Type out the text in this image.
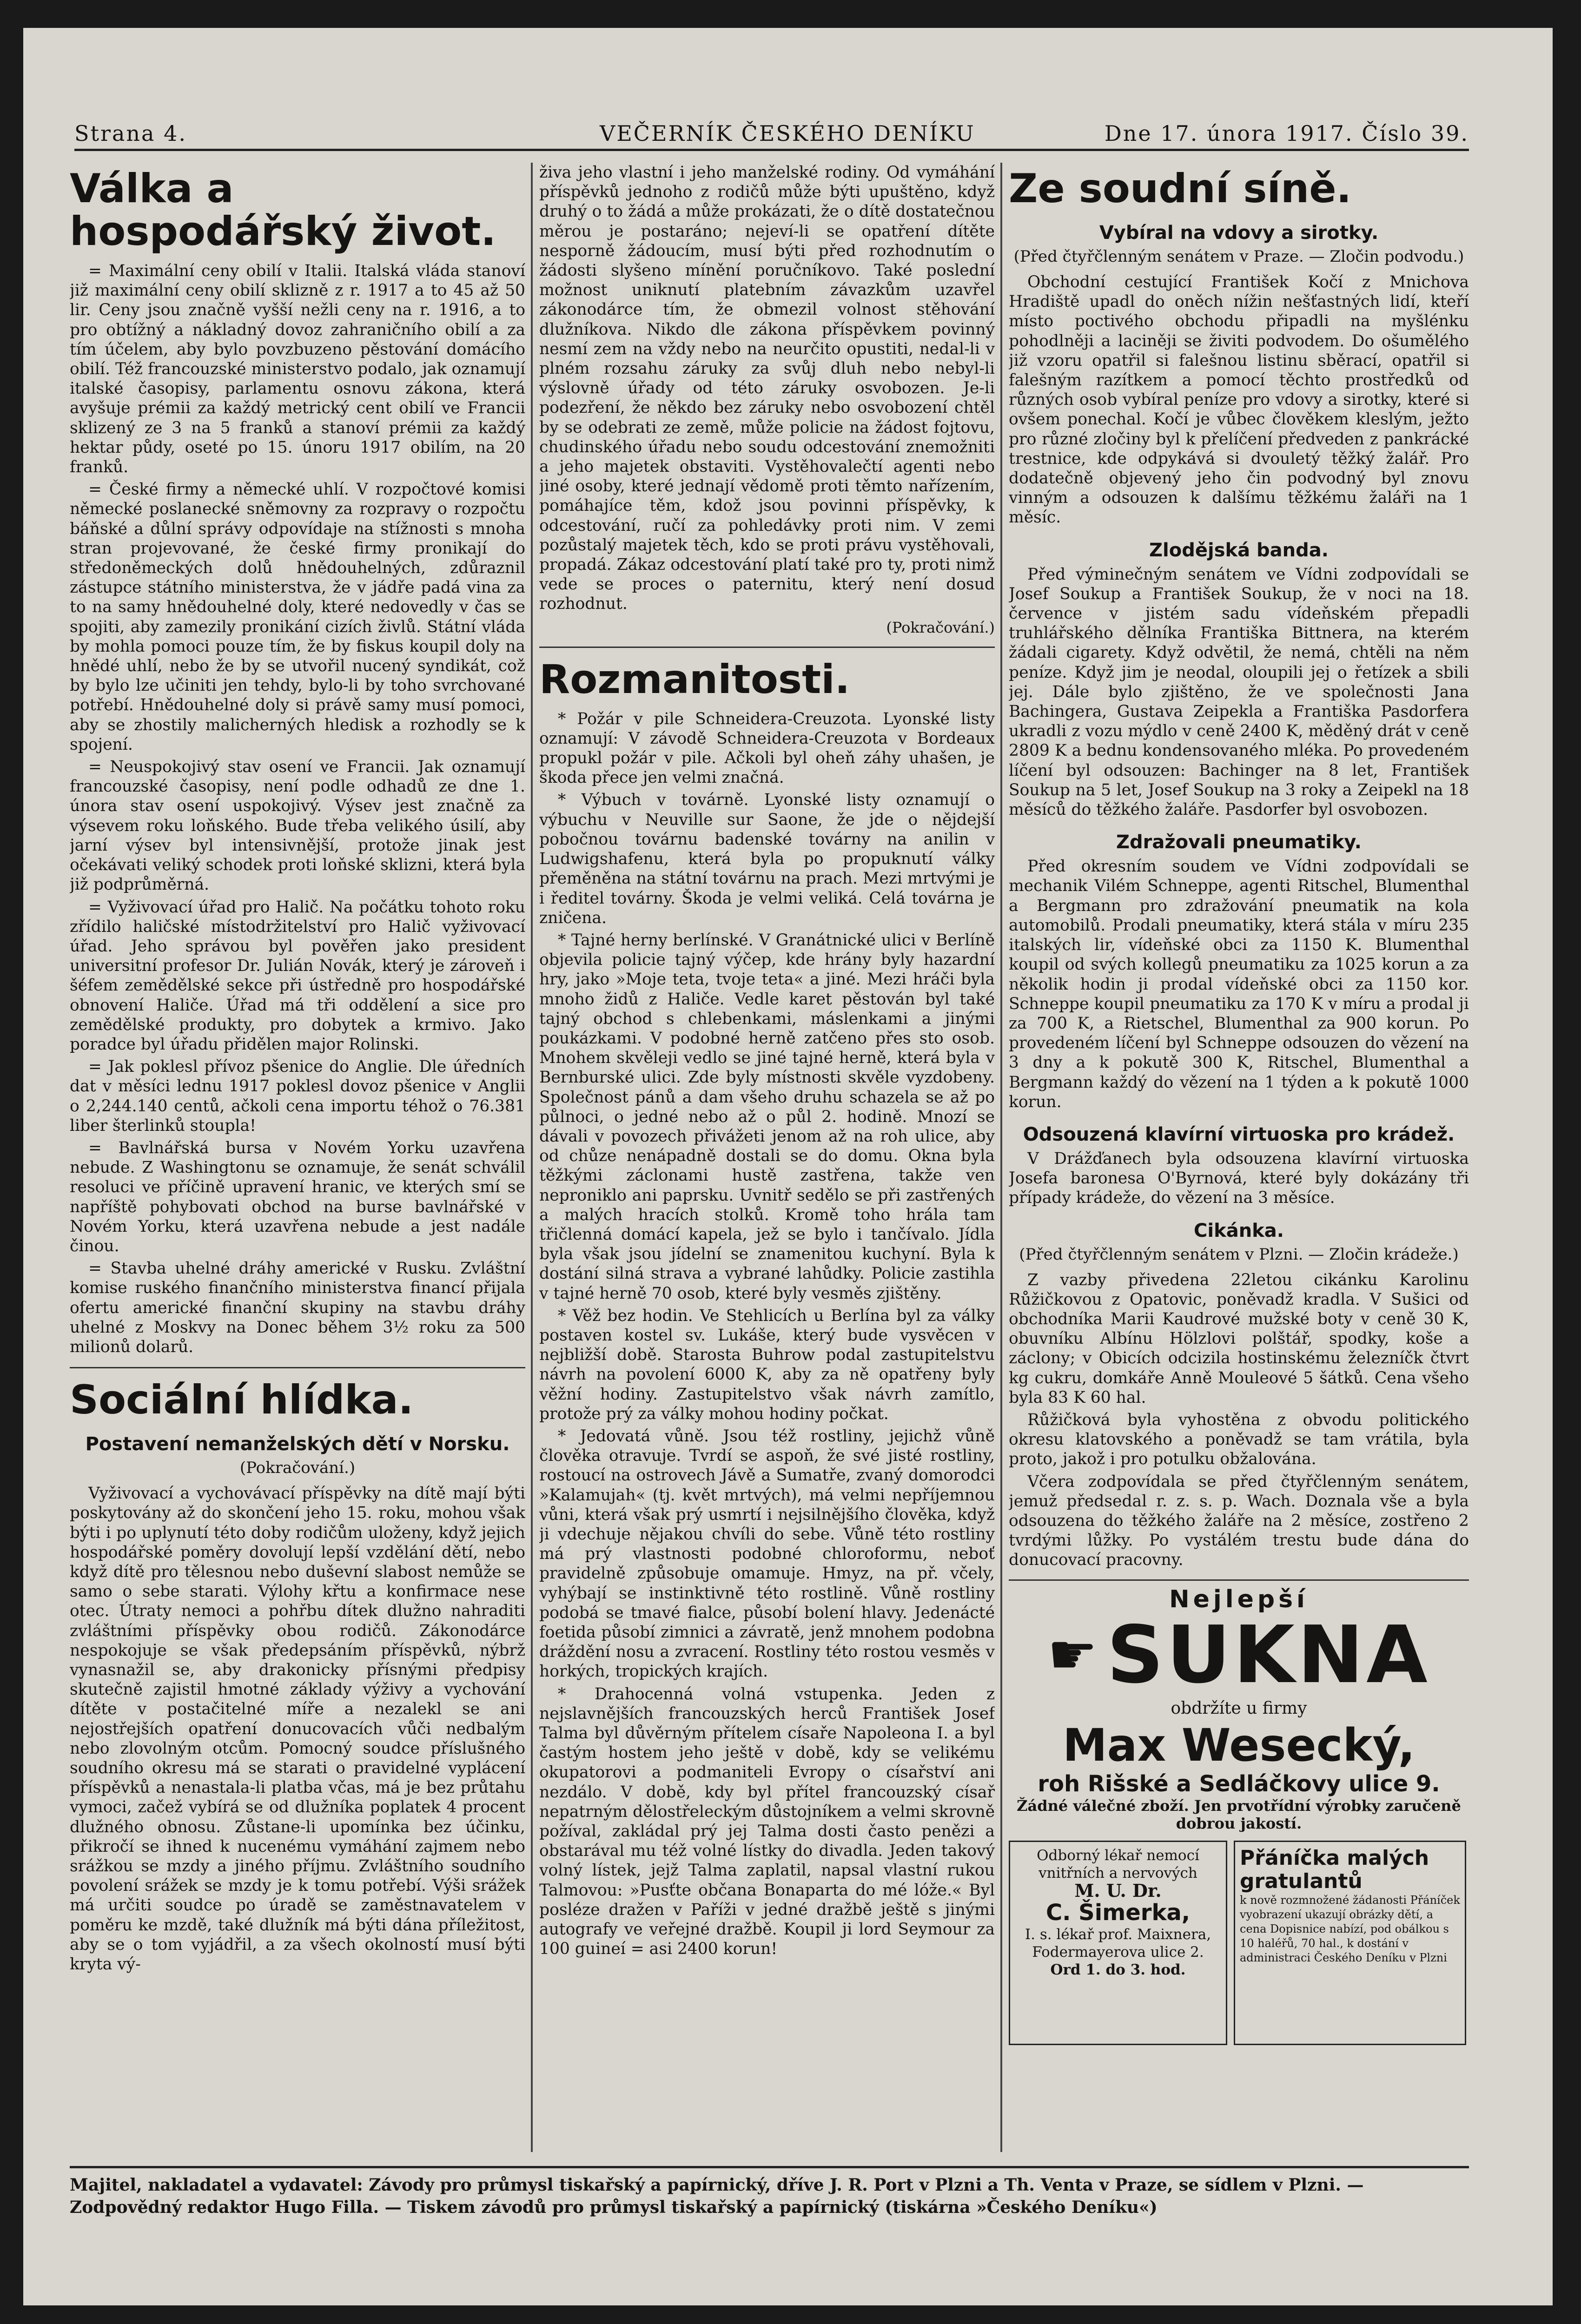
Strana 4.	VEČERNÍK ČESKÉHO DENÍKU	Dne 17. února 1917. Číslo 39.
Válka a hospodářský život.

= Maximální ceny obilí v Italii. Italská vláda stanoví již maximální ceny obilí sklizně z r. 1917 a to 45 až 50 lir. Ceny jsou značně vyšší nežli ceny na r. 1916, a to pro obtížný a nákladný dovoz zahraničního obilí a za tím účelem, aby bylo povzbuzeno pěstování domácího obilí. Též francouzské ministerstvo podalo, jak oznamují italské časopisy, parlamentu osnovu zákona, která avyšuje prémii za každý metrický cent obilí ve Francii sklizený ze 3 na 5 franků a stanoví prémii za každý hektar půdy, oseté po 15. únoru 1917 obilím, na 20 franků.

= České firmy a německé uhlí. V rozpočtové komisi německé poslanecké sněmovny za rozpravy o rozpočtu báňské a důlní správy odpovídaje na stížnosti s mnoha stran projevované, že české firmy pronikají do středoněmeckých dolů hnědouhelných, zdůraznil zástupce státního ministerstva, že v jádře padá vina za to na samy hnědouhelné doly, které nedovedly v čas se spojiti, aby zamezily pronikání cizích živlů. Státní vláda by mohla pomoci pouze tím, že by fiskus koupil doly na hnědé uhlí, nebo že by se utvořil nucený syndikát, což by bylo lze učiniti jen tehdy, bylo-li by toho svrchované potřebí. Hnědouhelné doly si právě samy musí pomoci, aby se zhostily malicherných hledisk a rozhodly se k spojení.

= Neuspokojivý stav osení ve Francii. Jak oznamují francouzské časopisy, není podle odhadů ze dne 1. února stav osení uspokojivý. Výsev jest značně za výsevem roku loňského. Bude třeba velikého úsilí, aby jarní výsev byl intensivnější, protože jinak jest očekávati veliký schodek proti loňské sklizni, která byla již podprůměrná.

= Vyživovací úřad pro Halič. Na počátku tohoto roku zřídilo haličské místodržitelství pro Halič vyživovací úřad. Jeho správou byl pověřen jako president universitní profesor Dr. Julián Novák, který je zároveň i šéfem zemědělské sekce při ústředně pro hospodářské obnovení Haliče. Úřad má tři oddělení a sice pro zemědělské produkty, pro dobytek a krmivo. Jako poradce byl úřadu přidělen major Rolinski.

= Jak poklesl přívoz pšenice do Anglie. Dle úředních dat v měsíci lednu 1917 poklesl dovoz pšenice v Anglii o 2,244.140 centů, ačkoli cena importu téhož o 76.381 liber šterlinků stoupla!

= Bavlnářská bursa v Novém Yorku uzavřena nebude. Z Washingtonu se oznamuje, že senát schválil resoluci ve příčině upravení hranic, ve kterých smí se napříště pohybovati obchod na burse bavlnářské v Novém Yorku, která uzavřena nebude a jest nadále činou.

= Stavba uhelné dráhy americké v Rusku. Zvláštní komise ruského finančního ministerstva financí přijala ofertu americké finanční skupiny na stavbu dráhy uhelné z Moskvy na Donec během 3½ roku za 500 milionů dolarů.

Sociální hlídka.
Postavení nemanželských dětí v Norsku.
(Pokračování.)

Vyživovací a vychovávací příspěvky na dítě mají býti poskytovány až do skončení jeho 15. roku, mohou však býti i po uplynutí této doby rodičům uloženy, když jejich hospodářské poměry dovolují lepší vzdělání dětí, nebo když dítě pro tělesnou nebo duševní slabost nemůže se samo o sebe starati. Výlohy křtu a konfirmace nese otec. Útraty nemoci a pohřbu dítek dlužno nahraditi zvláštními příspěvky obou rodičů. Zákonodárce nespokojuje se však předepsáním příspěvků, nýbrž vynasnažil se, aby drakonicky přísnými předpisy skutečně zajistil hmotné základy výživy a vychování dítěte v postačitelné míře a nezalekl se ani nejostřejších opatření donucovacích vůči nedbalým nebo zlovolným otcům. Pomocný soudce příslušného soudního okresu má se starati o pravidelné vyplácení příspěvků a nenastala-li platba včas, má je bez průtahu vymoci, začež vybírá se od dlužníka poplatek 4 procent dlužného obnosu. Zůstane-li upomínka bez účinku, přikročí se ihned k nucenému vymáhání zajmem nebo srážkou se mzdy a jiného příjmu. Zvláštního soudního povolení srážek se mzdy je k tomu potřebí. Výši srážek má určiti soudce po úradě se zaměstnavatelem v poměru ke mzdě, také dlužník má býti dána příležitost, aby se o tom vyjádřil, a za všech okolností musí býti kryta vý-

živa jeho vlastní i jeho manželské rodiny. Od vymáhání příspěvků jednoho z rodičů může býti upuštěno, když druhý o to žádá a může prokázati, že o dítě dostatečnou měrou je postaráno; nejeví-li se opatření dítěte nesporně žádoucím, musí býti před rozhodnutím o žádosti slyšeno mínění poručníkovo. Také poslední možnost uniknutí platebním závazkům uzavřel zákonodárce tím, že obmezil volnost stěhování dlužníkova. Nikdo dle zákona příspěvkem povinný nesmí zem na vždy nebo na neurčito opustiti, nedal-li v plném rozsahu záruky za svůj dluh nebo nebyl-li výslovně úřady od této záruky osvobozen. Je-li podezření, že někdo bez záruky nebo osvobození chtěl by se odebrati ze země, může policie na žádost fojtovu, chudinského úřadu nebo soudu odcestování znemožniti a jeho majetek obstaviti. Vystěhovalečtí agenti nebo jiné osoby, které jednají vědomě proti těmto nařízením, pomáhajíce těm, kdož jsou povinni příspěvky, k odcestování, ručí za pohledávky proti nim. V zemi pozůstalý majetek těch, kdo se proti právu vystěhovali, propadá. Zákaz odcestování platí také pro ty, proti nimž vede se proces o paternitu, který není dosud rozhodnut.

(Pokračování.)
Rozmanitosti.

* Požár v pile Schneidera-Creuzota. Lyonské listy oznamují: V závodě Schneidera-Creuzota v Bordeaux propukl požár v pile. Ačkoli byl oheň záhy uhašen, je škoda přece jen velmi značná.

* Výbuch v továrně. Lyonské listy oznamují o výbuchu v Neuville sur Saone, že jde o nějdejší pobočnou továrnu badenské továrny na anilin v Ludwigshafenu, která byla po propuknutí války přeměněna na státní továrnu na prach. Mezi mrtvými je i ředitel továrny. Škoda je velmi veliká. Celá továrna je zničena.

* Tajné herny berlínské. V Granátnické ulici v Berlíně objevila policie tajný výčep, kde hrány byly hazardní hry, jako »Moje teta, tvoje teta« a jiné. Mezi hráči byla mnoho židů z Haliče. Vedle karet pěstován byl také tajný obchod s chlebenkami, máslenkami a jinými poukázkami. V podobné herně zatčeno přes sto osob. Mnohem skvěleji vedlo se jiné tajné herně, která byla v Bernburské ulici. Zde byly místnosti skvěle vyzdobeny. Společnost pánů a dam všeho druhu schazela se až po půlnoci, o jedné nebo až o půl 2. hodině. Mnozí se dávali v povozech přivážeti jenom až na roh ulice, aby od chůze nenápadně dostali se do domu. Okna byla těžkými záclonami hustě zastřena, takže ven neproniklo ani paprsku. Uvnitř sedělo se při zastřených a malých hracích stolků. Kromě toho hrála tam třičlenná domácí kapela, jež se bylo i tančívalo. Jídla byla však jsou jídelní se znamenitou kuchyní. Byla k dostání silná strava a vybrané lahůdky. Policie zastihla v tajné herně 70 osob, které byly vesměs zjištěny.

* Věž bez hodin. Ve Stehlicích u Berlína byl za války postaven kostel sv. Lukáše, který bude vysvěcen v nejbližší době. Starosta Buhrow podal zastupitelstvu návrh na povolení 6000 K, aby za ně opatřeny byly věžní hodiny. Zastupitelstvo však návrh zamítlo, protože prý za války mohou hodiny počkat.

* Jedovatá vůně. Jsou též rostliny, jejichž vůně člověka otravuje. Tvrdí se aspoň, že své jisté rostliny, rostoucí na ostrovech Jávě a Sumatře, zvaný domorodci »Kalamujah« (tj. květ mrtvých), má velmi nepříjemnou vůni, která však prý usmrtí i nejsilnějšího člověka, když ji vdechuje nějakou chvíli do sebe. Vůně této rostliny má prý vlastnosti podobné chloroformu, neboť pravidelně způsobuje omamuje. Hmyz, na př. včely, vyhýbají se instinktivně této rostlině. Vůně rostliny podobá se tmavé fialce, působí bolení hlavy. Jedenácté foetida působí zimnici a závratě, jenž mnohem podobna dráždění nosu a zvracení. Rostliny této rostou vesměs v horkých, tropických krajích.

* Drahocenná volná vstupenka. Jeden z nejslavnějších francouzských herců František Josef Talma byl důvěrným přítelem císaře Napoleona I. a byl častým hostem jeho ještě v době, kdy se velikému okupatorovi a podmaniteli Evropy o císařství ani nezdálo. V době, kdy byl přítel francouzský císař nepatrným dělostřeleckým důstojníkem a velmi skrovně požíval, zakládal prý jej Talma dosti často penězi a obstarával mu též volné lístky do divadla. Jeden takový volný lístek, jejž Talma zaplatil, napsal vlastní rukou Talmovou: »Pusťte občana Bonaparta do mé lóže.« Byl posléze dražen v Paříži v jedné dražbě ještě s jinými autografy ve veřejné dražbě. Koupil ji lord Seymour za 100 guineí = asi 2400 korun!

Ze soudní síně.
Vybíral na vdovy a sirotky.
(Před čtyřčlenným senátem v Praze. — Zločin podvodu.)

Obchodní cestující František Kočí z Mnichova Hradiště upadl do oněch nížin nešťastných lidí, kteří místo poctivého obchodu připadli na myšlénku pohodlněji a laciněji se živiti podvodem. Do ošumělého již vzoru opatřil si falešnou listinu sběrací, opatřil si falešným razítkem a pomocí těchto prostředků od různých osob vybíral peníze pro vdovy a sirotky, které si ovšem ponechal. Kočí je vůbec člověkem kleslým, ježto pro různé zločiny byl k přelíčení předveden z pankrácké trestnice, kde odpykává si dvouletý těžký žalář. Pro dodatečně objevený jeho čin podvodný byl znovu vinným a odsouzen k dalšímu těžkému žaláři na 1 měsíc.

Zlodějská banda.

Před výminečným senátem ve Vídni zodpovídali se Josef Soukup a František Soukup, že v noci na 18. července v jistém sadu vídeňském přepadli truhlářského dělníka Františka Bittnera, na kterém žádali cigarety. Když odvětil, že nemá, chtěli na něm peníze. Když jim je neodal, oloupili jej o řetízek a sbili jej. Dále bylo zjištěno, že ve společnosti Jana Bachingera, Gustava Zeipekla a Františka Pasdorfera ukradli z vozu mýdlo v ceně 2400 K, měděný drát v ceně 2809 K a bednu kondensovaného mléka. Po provedeném líčení byl odsouzen: Bachinger na 8 let, František Soukup na 5 let, Josef Soukup na 3 roky a Zeipekl na 18 měsíců do těžkého žaláře. Pasdorfer byl osvobozen.

Zdražovali pneumatiky.

Před okresním soudem ve Vídni zodpovídali se mechanik Vilém Schneppe, agenti Ritschel, Blumenthal a Bergmann pro zdražování pneumatik na kola automobilů. Prodali pneumatiky, která stála v míru 235 italských lir, vídeňské obci za 1150 K. Blumenthal koupil od svých kollegů pneumatiku za 1025 korun a za několik hodin ji prodal vídeňské obci za 1150 kor. Schneppe koupil pneumatiku za 170 K v míru a prodal ji za 700 K, a Rietschel, Blumenthal za 900 korun. Po provedeném líčení byl Schneppe odsouzen do vězení na 3 dny a k pokutě 300 K, Ritschel, Blumenthal a Bergmann každý do vězení na 1 týden a k pokutě 1000 korun.

Odsouzená klavírní virtuoska pro krádež.

V Drážďanech byla odsouzena klavírní virtuoska Josefa baronesa O'Byrnová, které byly dokázány tři případy krádeže, do vězení na 3 měsíce.

Cikánka.
(Před čtyřčlenným senátem v Plzni. — Zločin krádeže.)

Z vazby přivedena 22letou cikánku Karolinu Růžičkovou z Opatovic, poněvadž kradla. V Sušici od obchodníka Marii Kaudrové mužské boty v ceně 30 K, obuvníku Albínu Hölzlovi polštář, spodky, koše a záclony; v Obicích odcizila hostinskému železníčk čtvrt kg cukru, domkáře Anně Mouleové 5 šátků. Cena všeho byla 83 K 60 hal.

Růžičková byla vyhostěna z obvodu politického okresu klatovského a poněvadž se tam vrátila, byla proto, jakož i pro potulku obžalována.

Včera zodpovídala se před čtyřčlenným senátem, jemuž předsedal r. z. s. p. Wach. Doznala vše a byla odsouzena do těžkého žaláře na 2 měsíce, zostřeno 2 tvrdými lůžky. Po vystálém trestu bude dána do donucovací pracovny.

Nejlepší
☛ SUKNA
obdržíte u firmy
Max Wesecký,
roh Rišské a Sedláčkovy ulice 9.
Žádné válečné zboží. Jen prvotřídní výrobky zaručeně dobrou jakostí.
Odborný lékař nemocí vnitřních a nervových
M. U. Dr.
C. Šimerka,
I. s. lékař prof. Maixnera, Fodermayerova ulice 2.
Ord 1. do 3. hod.
Přáníčka malých gratulantů
k nově rozmnožené žádanosti Přáníček vyobrazení ukazují obrázky dětí, a cena Dopisnice nabízí, pod obálkou s 10 haléřů, 70 hal., k dostání v administraci Českého Deníku v Plzni
Majitel, nakladatel a vydavatel: Závody pro průmysl tiskařský a papírnický, dříve J. R. Port v Plzni a Th. Venta v Praze, se sídlem v Plzni. — Zodpovědný redaktor Hugo Filla. — Tiskem závodů pro průmysl tiskařský a papírnický (tiskárna »Českého Deníku«)
